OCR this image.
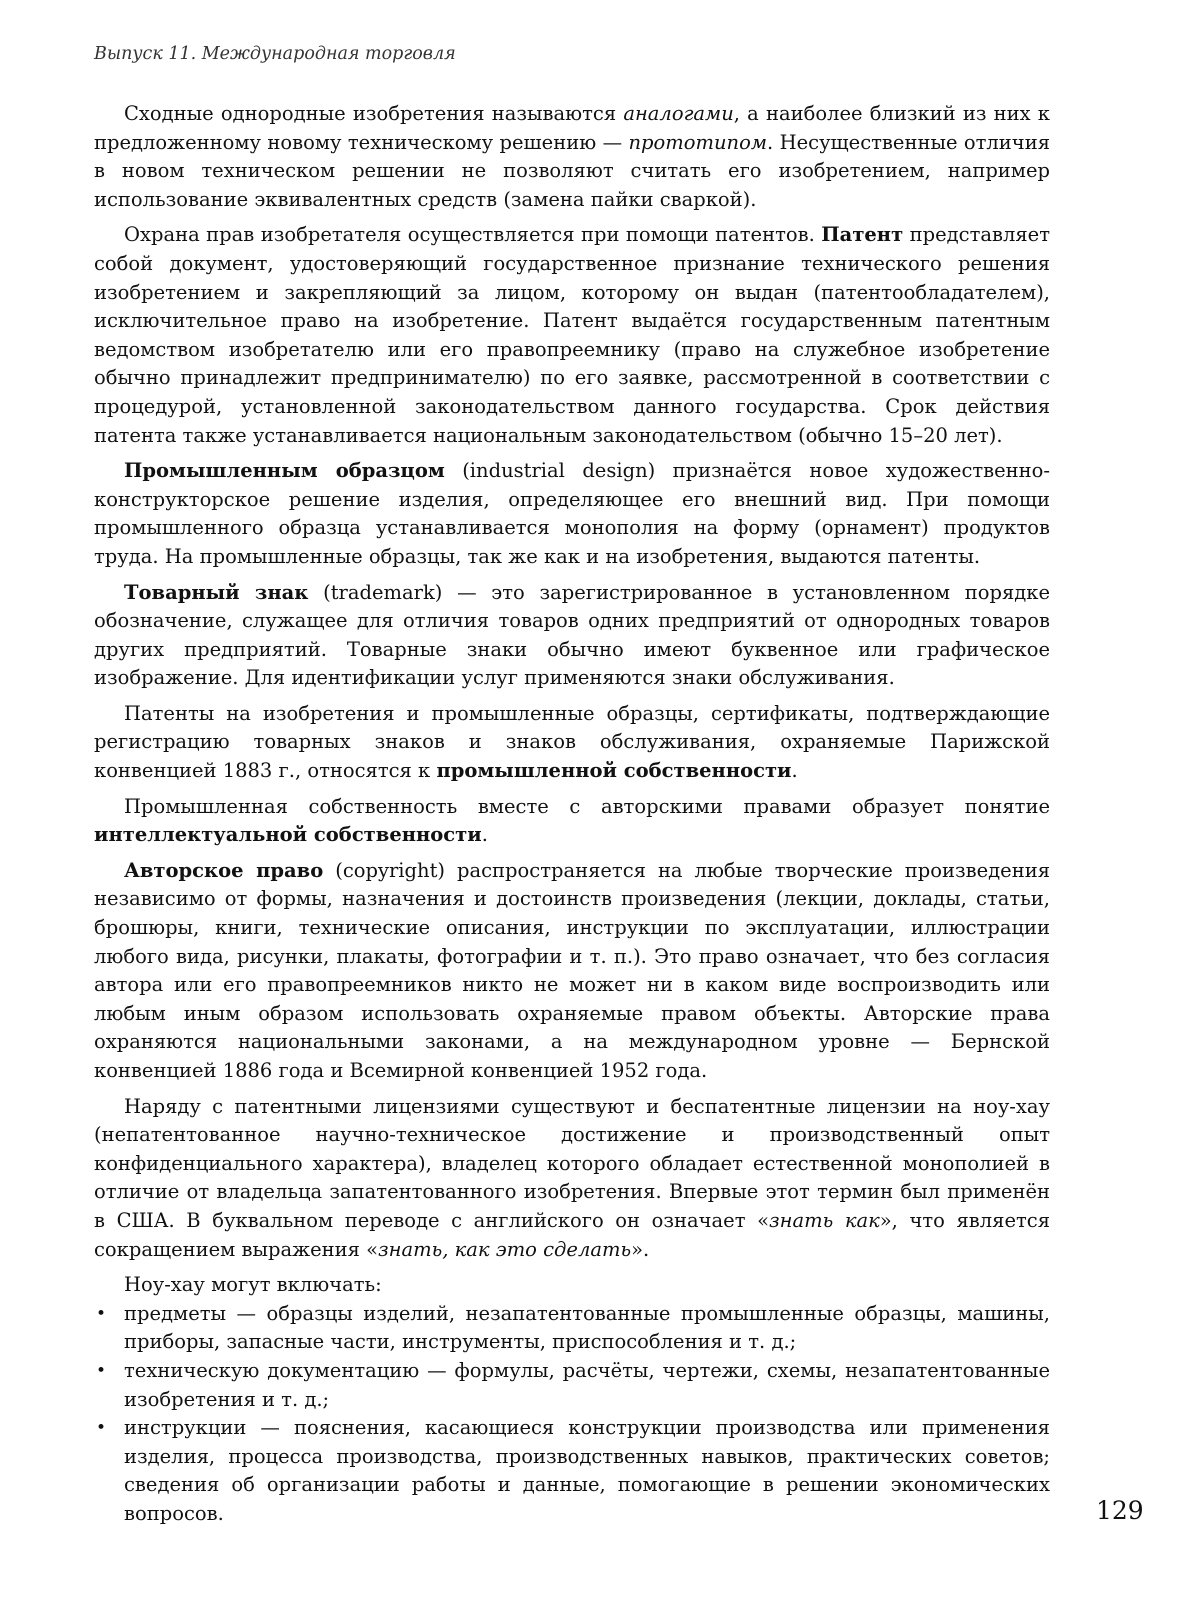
Выпуск 11. Международная торговля

Сходные однородные изобретения называются аналогами, а наиболее близкий из них к предложенному новому техническому решению — прототипом. Несущественные отличия в новом техническом решении не позволяют считать его изобретением, например использование эквивалентных средств (замена пайки сваркой).

Охрана прав изобретателя осуществляется при помощи патентов. Патент представляет собой документ, удостоверяющий государственное признание технического решения изобретением и закрепляющий за лицом, которому он выдан (патентообладателем), исключительное право на изобретение. Патент выдаётся государственным патентным ведомством изобретателю или его правопреемнику (право на служебное изобретение обычно принадлежит предпринимателю) по его заявке, рассмотренной в соответствии с процедурой, установленной законодательством данного государства. Срок действия патента также устанавливается национальным законодательством (обычно 15–20 лет).

Промышленным образцом (industrial design) признаётся новое художественно-конструкторское решение изделия, определяющее его внешний вид. При помощи промышленного образца устанавливается монополия на форму (орнамент) продуктов труда. На промышленные образцы, так же как и на изобретения, выдаются патенты.

Товарный знак (trademark) — это зарегистрированное в установленном порядке обозначение, служащее для отличия товаров одних предприятий от однородных товаров других предприятий. Товарные знаки обычно имеют буквенное или графическое изображение. Для идентификации услуг применяются знаки обслуживания.

Патенты на изобретения и промышленные образцы, сертификаты, подтверждающие регистрацию товарных знаков и знаков обслуживания, охраняемые Парижской конвенцией 1883 г., относятся к промышленной собственности.

Промышленная собственность вместе с авторскими правами образует понятие интеллектуальной собственности.

Авторское право (copyright) распространяется на любые творческие произведения независимо от формы, назначения и достоинств произведения (лекции, доклады, статьи, брошюры, книги, технические описания, инструкции по эксплуатации, иллюстрации любого вида, рисунки, плакаты, фотографии и т. п.). Это право означает, что без согласия автора или его правопреемников никто не может ни в каком виде воспроизводить или любым иным образом использовать охраняемые правом объекты. Авторские права охраняются национальными законами, а на международном уровне — Бернской конвенцией 1886 года и Всемирной конвенцией 1952 года.

Наряду с патентными лицензиями существуют и беспатентные лицензии на ноу-хау (непатентованное научно-техническое достижение и производственный опыт конфиденциального характера), владелец которого обладает естественной монополией в отличие от владельца запатентованного изобретения. Впервые этот термин был применён в США. В буквальном переводе с английского он означает «знать как», что является сокращением выражения «знать, как это сделать».

Ноу-хау могут включать:

• предметы — образцы изделий, незапатентованные промышленные образцы, машины, приборы, запасные части, инструменты, приспособления и т. д.;
• техническую документацию — формулы, расчёты, чертежи, схемы, незапатентованные изобретения и т. д.;
• инструкции — пояснения, касающиеся конструкции производства или применения изделия, процесса производства, производственных навыков, практических советов; сведения об организации работы и данные, помогающие в решении экономических вопросов.	129
